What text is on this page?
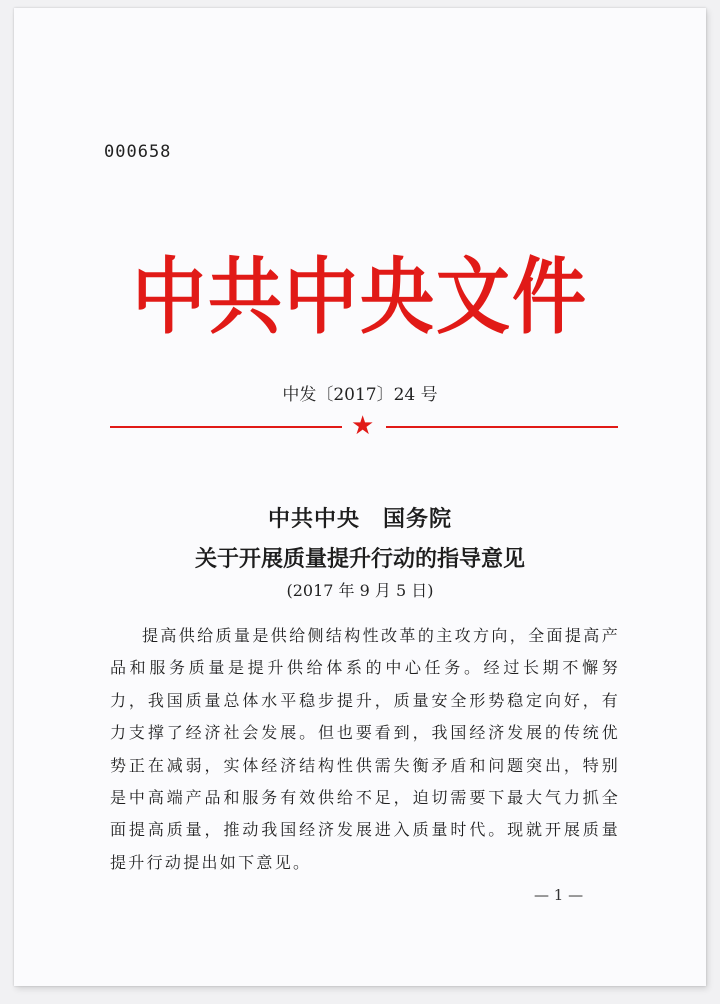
000658
中共中央文件
中发〔2017〕24 号
★
中共中央　国务院
关于开展质量提升行动的指导意见
(2017 年 9 月 5 日)

提高供给质量是供给侧结构性改革的主攻方向，全面提高产品和服务质量是提升供给体系的中心任务。经过长期不懈努力，我国质量总体水平稳步提升，质量安全形势稳定向好，有力支撑了经济社会发展。但也要看到，我国经济发展的传统优势正在减弱，实体经济结构性供需失衡矛盾和问题突出，特别是中高端产品和服务有效供给不足，迫切需要下最大气力抓全面提高质量，推动我国经济发展进入质量时代。现就开展质量提升行动提出如下意见。

— 1 —
